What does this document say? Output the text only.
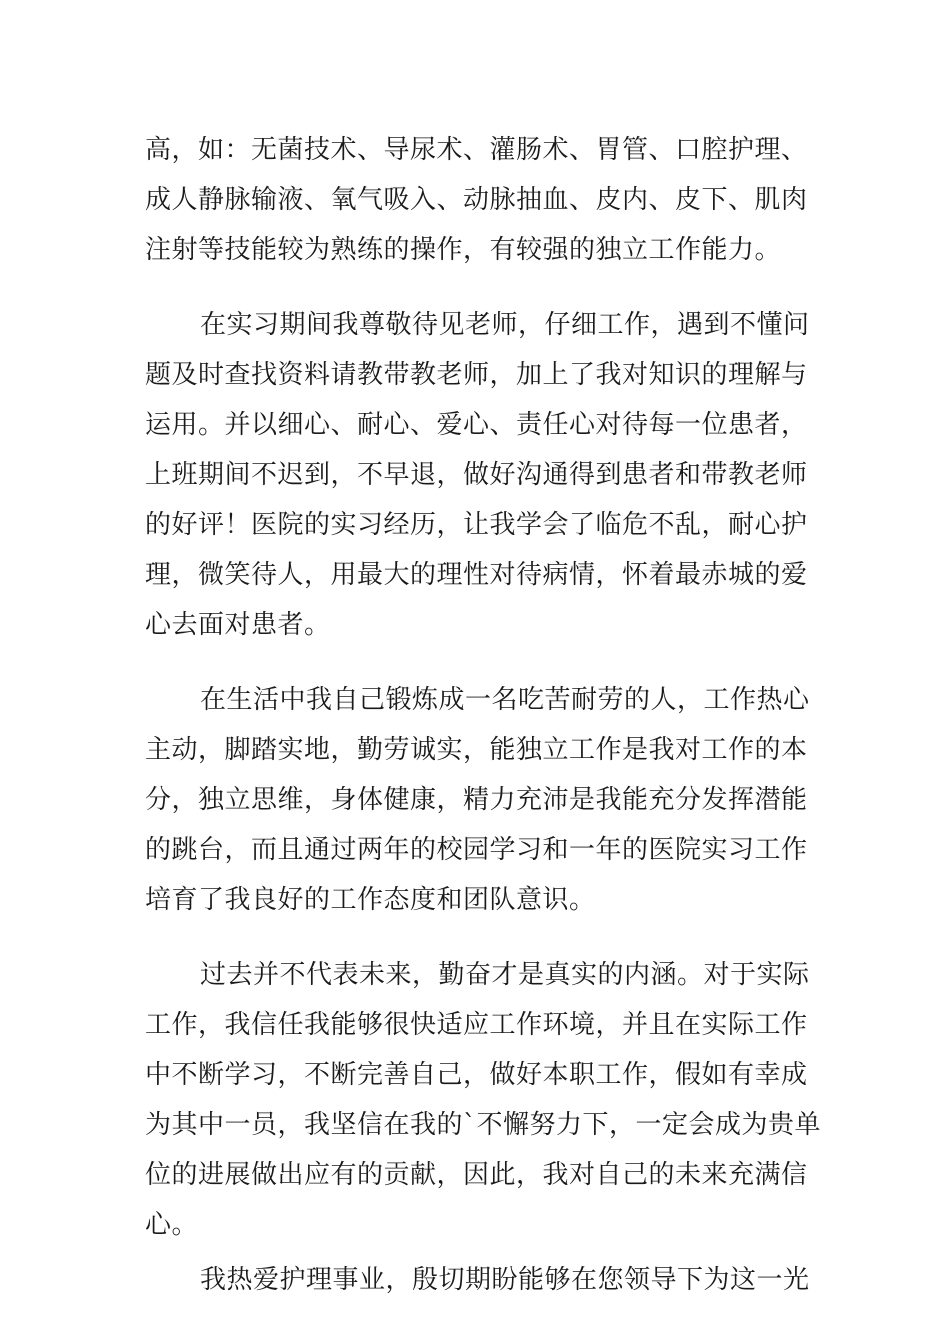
高，如：无菌技术、导尿术、灌肠术、胃管、口腔护理、
成人静脉输液、氧气吸入、动脉抽血、皮内、皮下、肌肉
注射等技能较为熟练的操作，有较强的独立工作能力。
在实习期间我尊敬待见老师，仔细工作，遇到不懂问
题及时查找资料请教带教老师，加上了我对知识的理解与
运用。并以细心、耐心、爱心、责任心对待每一位患者，
上班期间不迟到，不早退，做好沟通得到患者和带教老师
的好评！医院的实习经历，让我学会了临危不乱，耐心护
理，微笑待人，用最大的理性对待病情，怀着最赤城的爱
心去面对患者。
在生活中我自己锻炼成一名吃苦耐劳的人，工作热心
主动，脚踏实地，勤劳诚实，能独立工作是我对工作的本
分，独立思维，身体健康，精力充沛是我能充分发挥潜能
的跳台，而且通过两年的校园学习和一年的医院实习工作
培育了我良好的工作态度和团队意识。
过去并不代表未来，勤奋才是真实的内涵。对于实际
工作，我信任我能够很快适应工作环境，并且在实际工作
中不断学习，不断完善自己，做好本职工作，假如有幸成
为其中一员，我坚信在我的`不懈努力下，一定会成为贵单
位的进展做出应有的贡献，因此，我对自己的未来充满信
心。
我热爱护理事业，殷切期盼能够在您领导下为这一光
